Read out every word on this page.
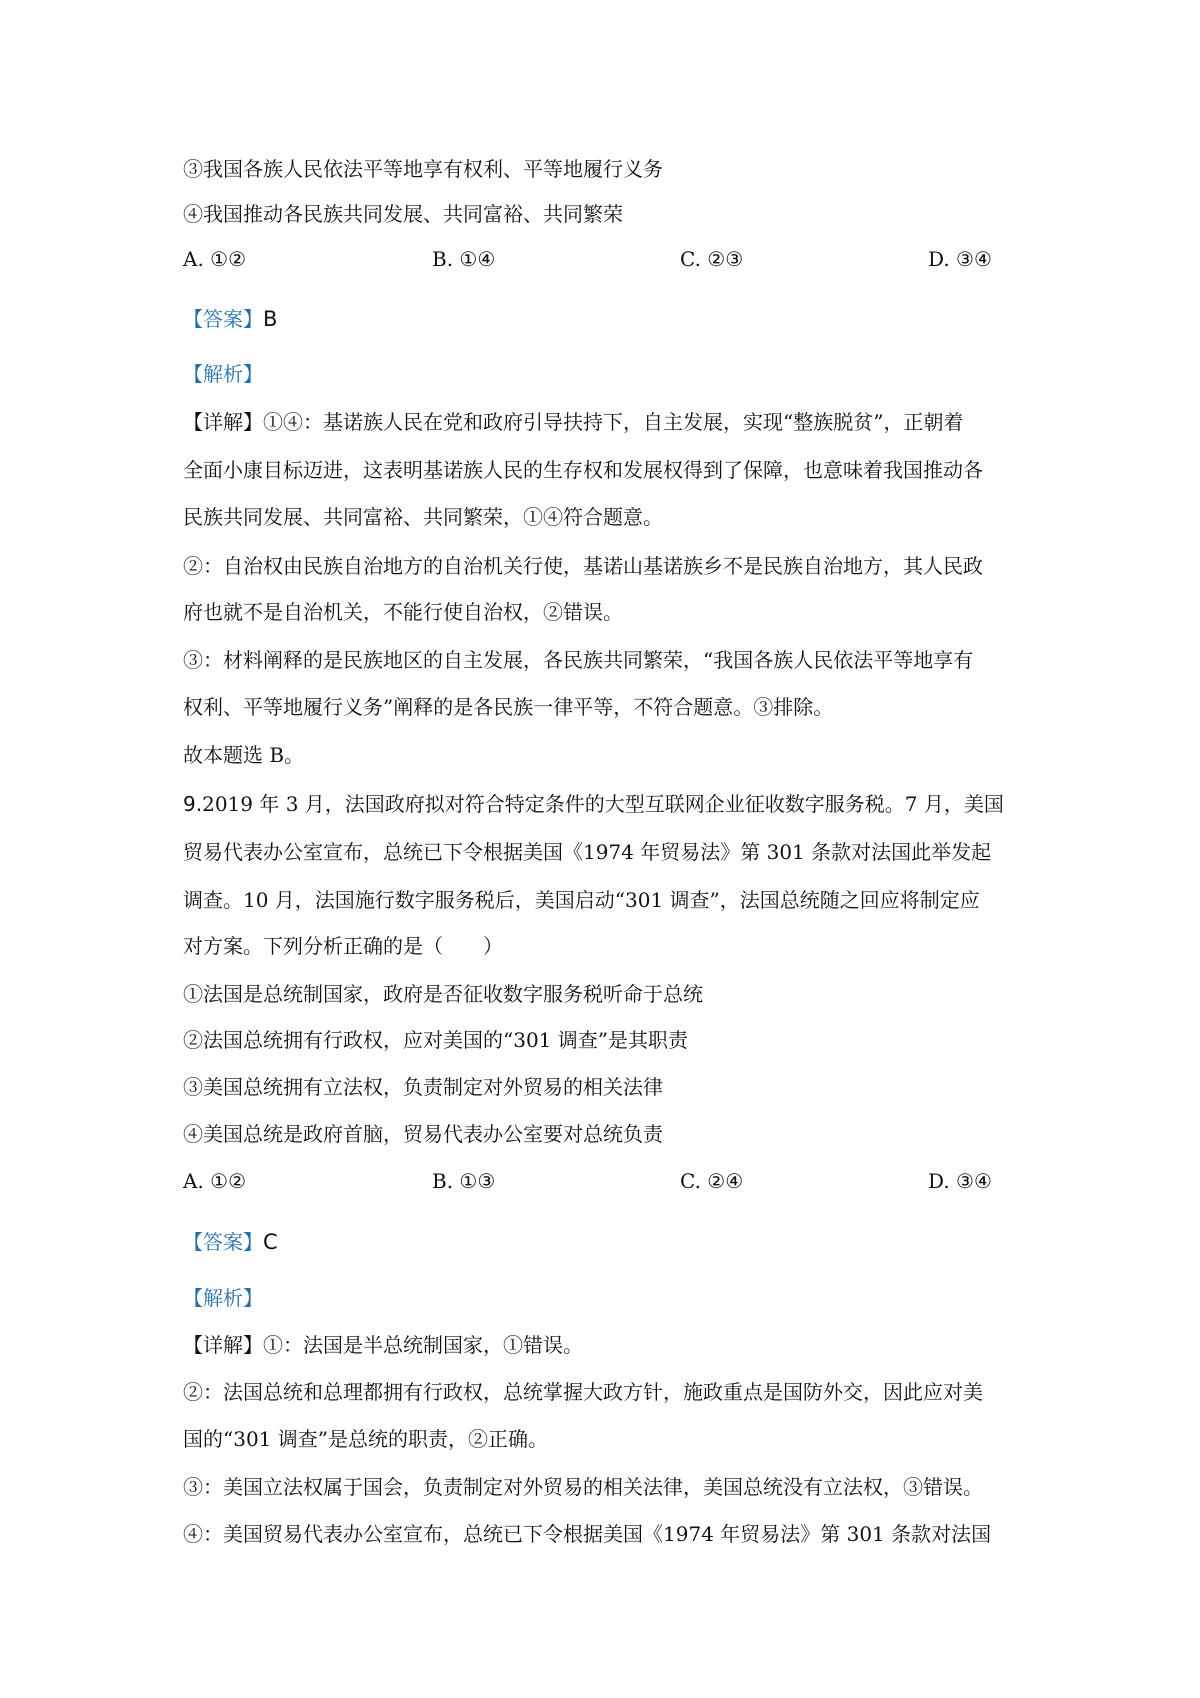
③我国各族人民依法平等地享有权利、平等地履行义务
④我国推动各民族共同发展、共同富裕、共同繁荣
A. ①②	B. ①④	C. ②③	D. ③④
【答案】B
【解析】
【详解】①④：基诺族人民在党和政府引导扶持下，自主发展，实现“整族脱贫”，正朝着
全面小康目标迈进，这表明基诺族人民的生存权和发展权得到了保障，也意味着我国推动各
民族共同发展、共同富裕、共同繁荣，①④符合题意。
②：自治权由民族自治地方的自治机关行使，基诺山基诺族乡不是民族自治地方，其人民政
府也就不是自治机关，不能行使自治权，②错误。
③：材料阐释的是民族地区的自主发展，各民族共同繁荣，“我国各族人民依法平等地享有
权利、平等地履行义务”阐释的是各民族一律平等，不符合题意。③排除。
故本题选 B。
9.2019 年 3 月，法国政府拟对符合特定条件的大型互联网企业征收数字服务税。7 月，美国
贸易代表办公室宣布，总统已下令根据美国《1974 年贸易法》第 301 条款对法国此举发起
调查。10 月，法国施行数字服务税后，美国启动“301 调查”，法国总统随之回应将制定应
对方案。下列分析正确的是（　　）
①法国是总统制国家，政府是否征收数字服务税听命于总统
②法国总统拥有行政权，应对美国的“301 调查”是其职责
③美国总统拥有立法权，负责制定对外贸易的相关法律
④美国总统是政府首脑，贸易代表办公室要对总统负责
A. ①②	B. ①③	C. ②④	D. ③④
【答案】C
【解析】
【详解】①：法国是半总统制国家，①错误。
②：法国总统和总理都拥有行政权，总统掌握大政方针，施政重点是国防外交，因此应对美
国的“301 调查”是总统的职责，②正确。
③：美国立法权属于国会，负责制定对外贸易的相关法律，美国总统没有立法权，③错误。
④：美国贸易代表办公室宣布，总统已下令根据美国《1974 年贸易法》第 301 条款对法国
